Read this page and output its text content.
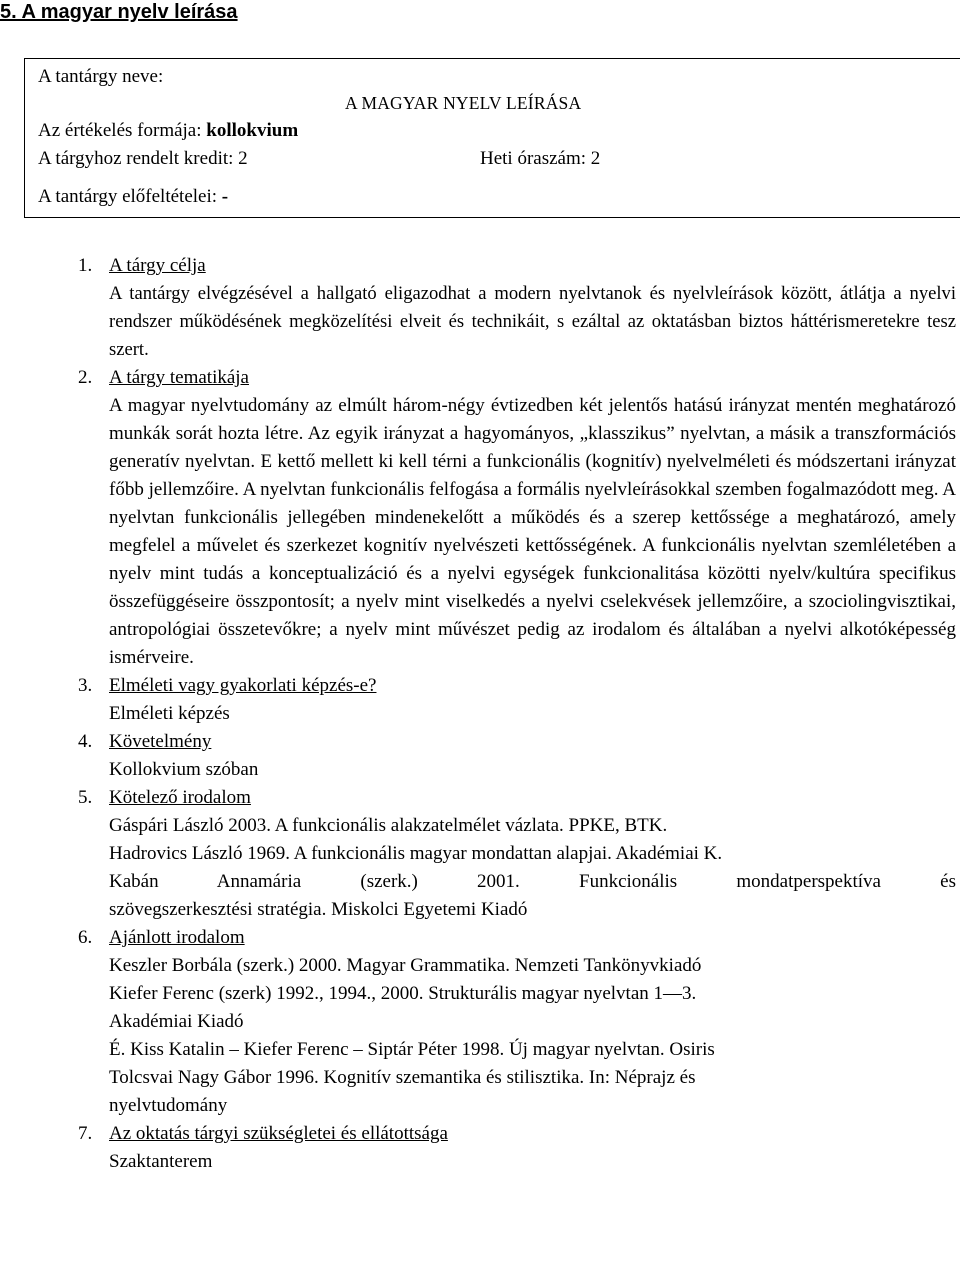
5. A magyar nyelv leírása
A tantárgy neve:
A MAGYAR NYELV LEÍRÁSA
Az értékelés formája: kollokvium
A tárgyhoz rendelt kredit: 2	Heti óraszám: 2
A tantárgy előfeltételei: -
1. A tárgy célja
A tantárgy elvégzésével a hallgató eligazodhat a modern nyelvtanok és nyelvleírások között, átlátja a nyelvi rendszer működésének megközelítési elveit és technikáit, s ezáltal az oktatásban biztos háttérismeretekre tesz szert.
2. A tárgy tematikája
A magyar nyelvtudomány az elmúlt három-négy évtizedben két jelentős hatású irányzat mentén meghatározó munkák sorát hozta létre. Az egyik irányzat a hagyományos, „klasszikus” nyelvtan, a másik a transzformációs generatív nyelvtan. E kettő mellett ki kell térni a funkcionális (kognitív) nyelvelméleti és módszertani irányzat főbb jellemzőire. A nyelvtan funkcionális felfogása a formális nyelvleírásokkal szemben fogalmazódott meg. A nyelvtan funkcionális jellegében mindenekelőtt a működés és a szerep kettőssége a meghatározó, amely megfelel a művelet és szerkezet kognitív nyelvészeti kettősségének. A funkcionális nyelvtan szemléletében a nyelv mint tudás a konceptualizáció és a nyelvi egységek funkcionalitása közötti nyelv/kultúra specifikus összefüggéseire összpontosít; a nyelv mint viselkedés a nyelvi cselekvések jellemzőire, a szociolingvisztikai, antropológiai összetevőkre; a nyelv mint művészet pedig az irodalom és általában a nyelvi alkotóképesség ismérveire.
3. Elméleti vagy gyakorlati képzés-e?
Elméleti képzés
4. Követelmény
Kollokvium szóban
5. Kötelező irodalom
Gáspári László 2003. A funkcionális alakzatelmélet vázlata. PPKE, BTK.
Hadrovics László 1969. A funkcionális magyar mondattan alapjai. Akadémiai K.
Kabán Annamária (szerk.) 2001. Funkcionális mondatperspektíva és
szövegszerkesztési stratégia. Miskolci Egyetemi Kiadó
6. Ajánlott irodalom
Keszler Borbála (szerk.) 2000. Magyar Grammatika. Nemzeti Tankönyvkiadó
Kiefer Ferenc (szerk) 1992., 1994., 2000. Strukturális magyar nyelvtan 1—3.
Akadémiai Kiadó
É. Kiss Katalin – Kiefer Ferenc – Siptár Péter 1998. Új magyar nyelvtan. Osiris
Tolcsvai Nagy Gábor 1996. Kognitív szemantika és stilisztika. In: Néprajz és
nyelvtudomány
7. Az oktatás tárgyi szükségletei és ellátottsága
Szaktanterem
